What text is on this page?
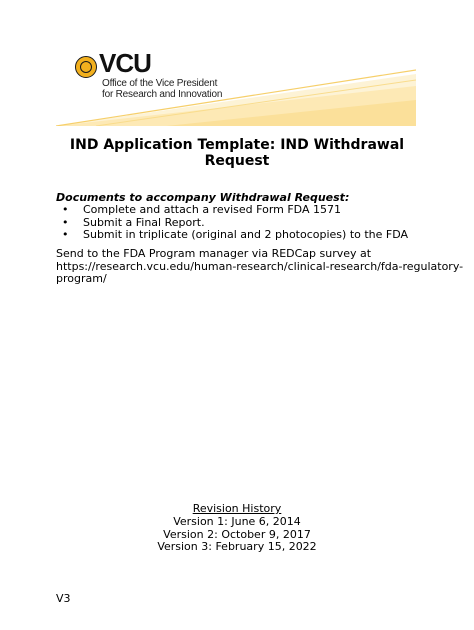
VCU
Office of the Vice President
for Research and Innovation
IND Application Template: IND Withdrawal
Request
Documents to accompany Withdrawal Request:
• Complete and attach a revised Form FDA 1571
• Submit a Final Report.
• Submit in triplicate (original and 2 photocopies) to the FDA
Send to the FDA Program manager via REDCap survey at
https://research.vcu.edu/human-research/clinical-research/fda-regulatory-
program/
Revision History
Version 1: June 6, 2014
Version 2: October 9, 2017
Version 3: February 15, 2022
V3
